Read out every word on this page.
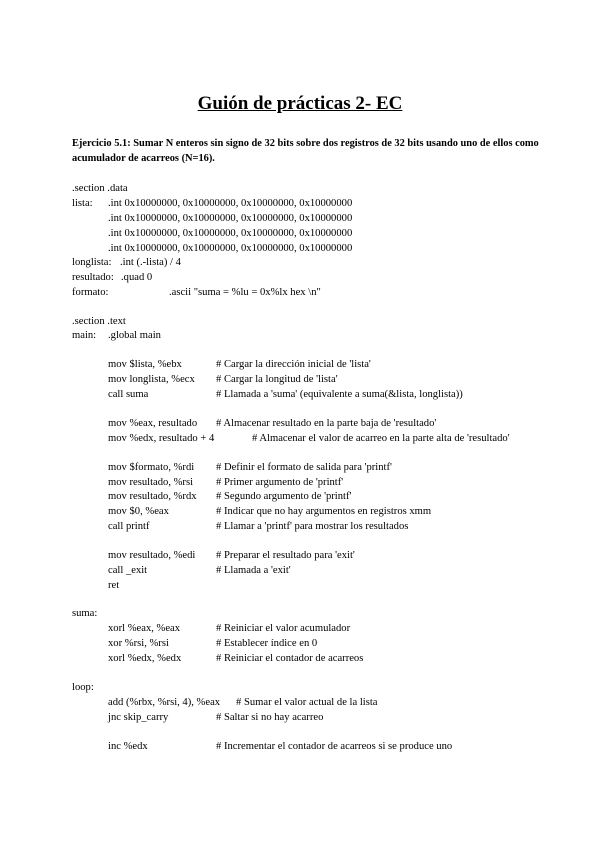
Guión de prácticas 2- EC
Ejercicio 5.1: Sumar N enteros sin signo de 32 bits sobre dos registros de 32 bits usando uno de ellos como acumulador de acarreos (N=16).
.section .data
lista: .int 0x10000000, 0x10000000, 0x10000000, 0x10000000
.int 0x10000000, 0x10000000, 0x10000000, 0x10000000
.int 0x10000000, 0x10000000, 0x10000000, 0x10000000
.int 0x10000000, 0x10000000, 0x10000000, 0x10000000
longlista: .int (.-lista) / 4
resultado: .quad 0
formato:	.ascii "suma = %lu = 0x%lx hex \n"
.section .text
main: .global main
mov $lista, %ebx	# Cargar la dirección inicial de 'lista'
mov longlista, %ecx # Cargar la longitud de 'lista'
call suma	# Llamada a 'suma' (equivalente a suma(&lista, longlista))
mov %eax, resultado # Almacenar resultado en la parte baja de 'resultado'
mov %edx, resultado + 4	# Almacenar el valor de acarreo en la parte alta de 'resultado'
mov $formato, %rdi # Definir el formato de salida para 'printf'
mov resultado, %rsi # Primer argumento de 'printf'
mov resultado, %rdx # Segundo argumento de 'printf'
mov $0, %eax	# Indicar que no hay argumentos en registros xmm
call printf	# Llamar a 'printf' para mostrar los resultados
mov resultado, %edi # Preparar el resultado para 'exit'
call _exit	# Llamada a 'exit'
ret
suma:
xorl %eax, %eax	# Reiniciar el valor acumulador
xor %rsi, %rsi	# Establecer índice en 0
xorl %edx, %edx	# Reiniciar el contador de acarreos
loop:
add (%rbx, %rsi, 4), %eax # Sumar el valor actual de la lista
jnc skip_carry	# Saltar si no hay acarreo
inc %edx	# Incrementar el contador de acarreos si se produce uno
